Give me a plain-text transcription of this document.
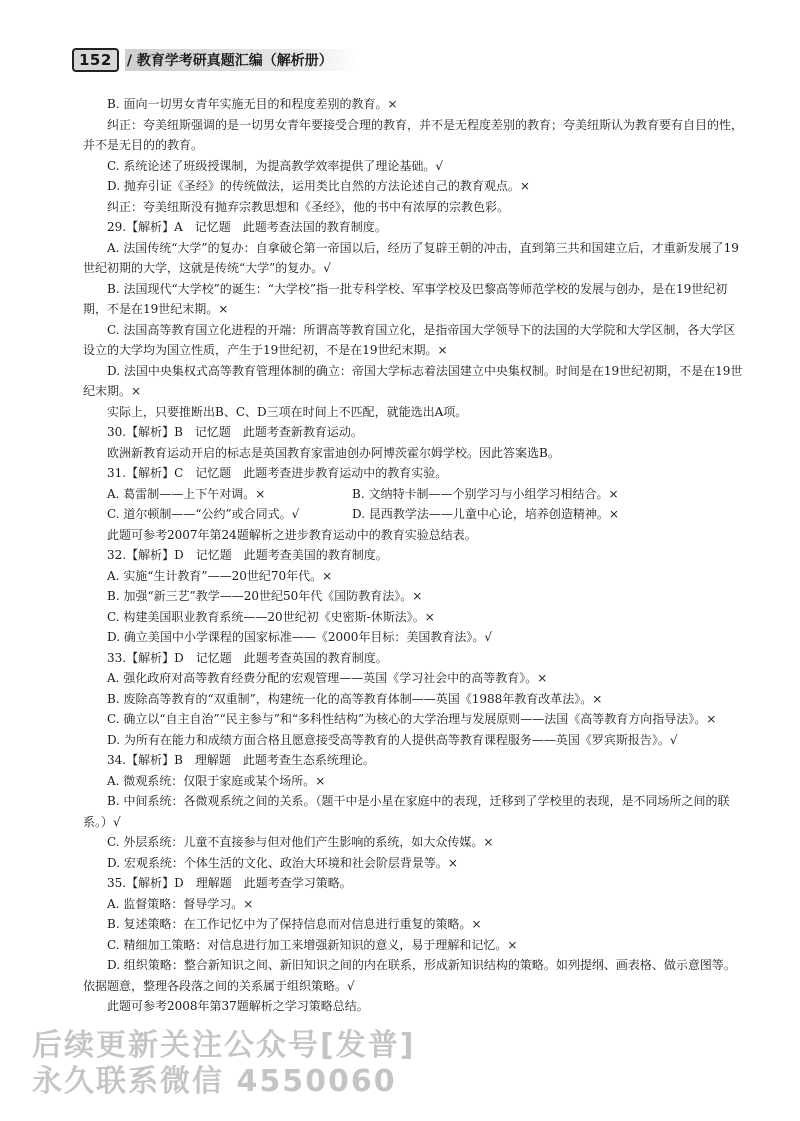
152	/ 教育学考研真题汇编（解析册）

B. 面向一切男女青年实施无目的和程度差别的教育。×

纠正：夸美纽斯强调的是一切男女青年要接受合理的教育，并不是无程度差别的教育；夸美纽斯认为教育要有自目的性，并不是无目的的教育。

C. 系统论述了班级授课制，为提高教学效率提供了理论基础。√

D. 抛弃引证《圣经》的传统做法，运用类比自然的方法论述自己的教育观点。×

纠正：夸美纽斯没有抛弃宗教思想和《圣经》，他的书中有浓厚的宗教色彩。

29.【解析】A　记忆题　此题考查法国的教育制度。

A. 法国传统“大学”的复办：自拿破仑第一帝国以后，经历了复辟王朝的冲击，直到第三共和国建立后，才重新发展了19世纪初期的大学，这就是传统“大学”的复办。√

B. 法国现代“大学校”的诞生：“大学校”指一批专科学校、军事学校及巴黎高等师范学校的发展与创办，是在19世纪初期，不是在19世纪末期。×

C. 法国高等教育国立化进程的开端：所谓高等教育国立化，是指帝国大学领导下的法国的大学院和大学区制，各大学区设立的大学均为国立性质，产生于19世纪初，不是在19世纪末期。×

D. 法国中央集权式高等教育管理体制的确立：帝国大学标志着法国建立中央集权制。时间是在19世纪初期，不是在19世纪末期。×

实际上，只要推断出B、C、D三项在时间上不匹配，就能选出A项。

30.【解析】B　记忆题　此题考查新教育运动。

欧洲新教育运动开启的标志是英国教育家雷迪创办阿博茨霍尔姆学校。因此答案选B。

31.【解析】C　记忆题　此题考查进步教育运动中的教育实验。

A. 葛雷制——上下午对调。×	B. 文纳特卡制——个别学习与小组学习相结合。×

C. 道尔顿制——“公约”或合同式。√	D. 昆西教学法——儿童中心论，培养创造精神。×

此题可参考2007年第24题解析之进步教育运动中的教育实验总结表。

32.【解析】D　记忆题　此题考查美国的教育制度。

A. 实施“生计教育”——20世纪70年代。×

B. 加强“新三艺”教学——20世纪50年代《国防教育法》。×

C. 构建美国职业教育系统——20世纪初《史密斯-休斯法》。×

D. 确立美国中小学课程的国家标准——《2000年目标：美国教育法》。√

33.【解析】D　记忆题　此题考查英国的教育制度。

A. 强化政府对高等教育经费分配的宏观管理——英国《学习社会中的高等教育》。×

B. 废除高等教育的“双重制”，构建统一化的高等教育体制——英国《1988年教育改革法》。×

C. 确立以“自主自治”“民主参与”和“多科性结构”为核心的大学治理与发展原则——法国《高等教育方向指导法》。×

D. 为所有在能力和成绩方面合格且愿意接受高等教育的人提供高等教育课程服务——英国《罗宾斯报告》。√

34.【解析】B　理解题　此题考查生态系统理论。

A. 微观系统：仅限于家庭或某个场所。×

B. 中间系统：各微观系统之间的关系。（题干中是小星在家庭中的表现，迁移到了学校里的表现，是不同场所之间的联系。）√

C. 外层系统：儿童不直接参与但对他们产生影响的系统，如大众传媒。×

D. 宏观系统：个体生活的文化、政治大环境和社会阶层背景等。×

35.【解析】D　理解题　此题考查学习策略。

A. 监督策略：督导学习。×

B. 复述策略：在工作记忆中为了保持信息而对信息进行重复的策略。×

C. 精细加工策略：对信息进行加工来增强新知识的意义，易于理解和记忆。×

D. 组织策略：整合新知识之间、新旧知识之间的内在联系，形成新知识结构的策略。如列提纲、画表格、做示意图等。依据题意，整理各段落之间的关系属于组织策略。√

此题可参考2008年第37题解析之学习策略总结。

后续更新关注公众号[发普]
永久联系微信 4550060
